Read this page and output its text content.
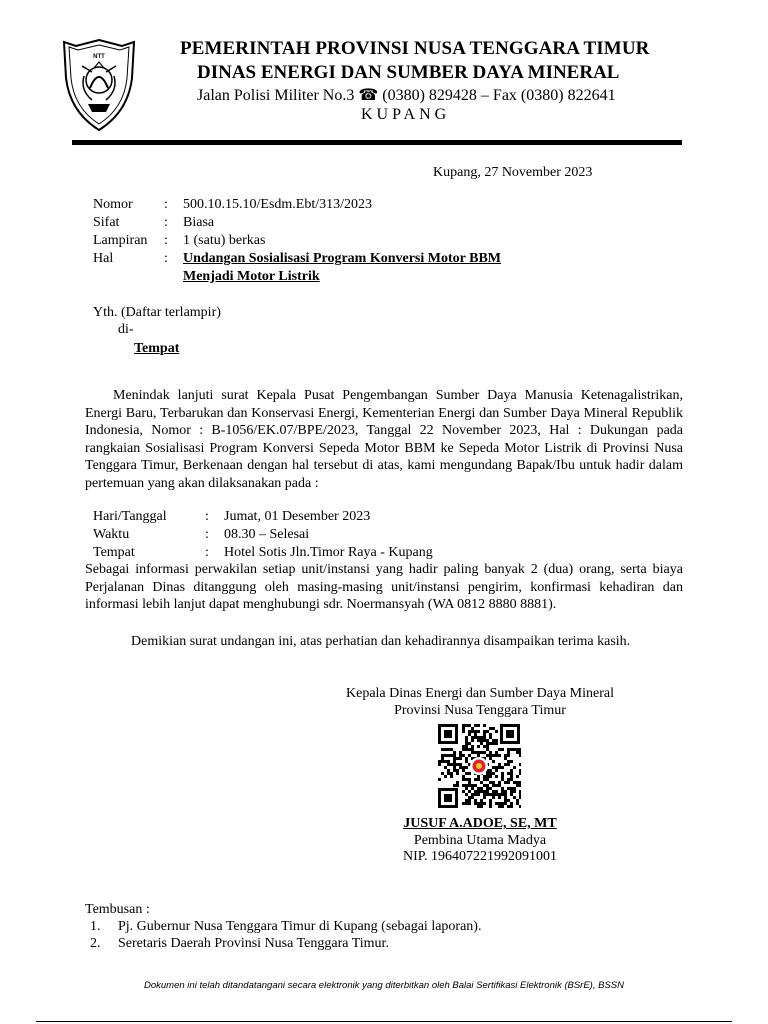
NTT	PEMERINTAH PROVINSI NUSA TENGGARA TIMUR
DINAS ENERGI DAN SUMBER DAYA MINERAL
Jalan Polisi Militer No.3 ☎ (0380) 829428 – Fax (0380) 822641
KUPANG
Kupang, 27 November 2023
Nomor : 500.10.15.10/Esdm.Ebt/313/2023
Sifat	: Biasa
Lampiran : 1 (satu) berkas
Hal	: Undangan Sosialisasi Program Konversi Motor BBM
Menjadi Motor Listrik
Yth. (Daftar terlampir)
di-
Tempat
Menindak lanjuti surat Kepala Pusat Pengembangan Sumber Daya Manusia Ketenagalistrikan, Energi Baru, Terbarukan dan Konservasi Energi, Kementerian Energi dan Sumber Daya Mineral Republik Indonesia, Nomor : B-1056/EK.07/BPE/2023, Tanggal 22 November 2023, Hal : Dukungan pada rangkaian Sosialisasi Program Konversi Sepeda Motor BBM ke Sepeda Motor Listrik di Provinsi Nusa Tenggara Timur, Berkenaan dengan hal tersebut di atas, kami mengundang Bapak/Ibu untuk hadir dalam pertemuan yang akan dilaksanakan pada :
Hari/Tanggal	: Jumat, 01 Desember 2023
Waktu	: 08.30 – Selesai
Tempat	: Hotel Sotis Jln.Timor Raya - Kupang
Sebagai informasi perwakilan setiap unit/instansi yang hadir paling banyak 2 (dua) orang, serta biaya Perjalanan Dinas ditanggung oleh masing-masing unit/instansi pengirim, konfirmasi kehadiran dan informasi lebih lanjut dapat menghubungi sdr. Noermansyah (WA 0812 8880 8881).
Demikian surat undangan ini, atas perhatian dan kehadirannya disampaikan terima kasih.
Kepala Dinas Energi dan Sumber Daya Mineral
Provinsi Nusa Tenggara Timur
JUSUF A.ADOE, SE, MT
Pembina Utama Madya
NIP. 196407221992091001
Tembusan :
1. Pj. Gubernur Nusa Tenggara Timur di Kupang (sebagai laporan).
2. Seretaris Daerah Provinsi Nusa Tenggara Timur.
Dokumen ini telah ditandatangani secara elektronik yang diterbitkan oleh Balai Sertifikasi Elektronik (BSrE), BSSN
